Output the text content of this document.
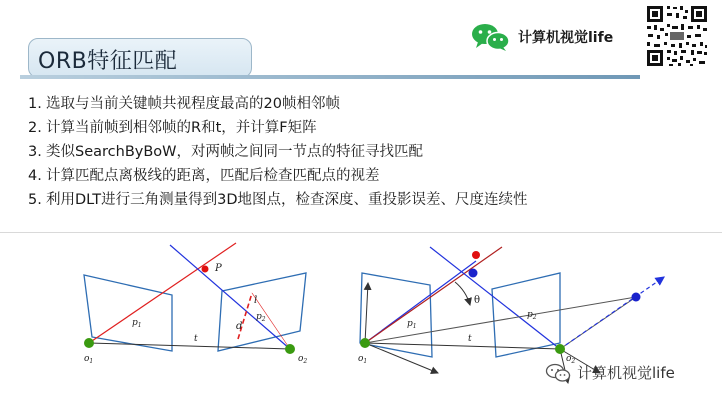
ORB特征匹配
计算机视觉life
1. 选取与当前关键帧共视程度最高的20帧相邻帧
2. 计算当前帧到相邻帧的R和t，并计算F矩阵
3. 类似SearchByBoW，对两帧之间同一节点的特征寻找匹配
4. 计算匹配点离极线的距离，匹配后检查匹配点的视差
5. 利用DLT进行三角测量得到3D地图点，检查深度、重投影误差、尺度连续性
P
l
d
$p_1$
$p_2$
$o_1$	$o_2$
t
θ
$p_1$
$p_2$
$o_1$	$o_2$
t
计算机视觉life
